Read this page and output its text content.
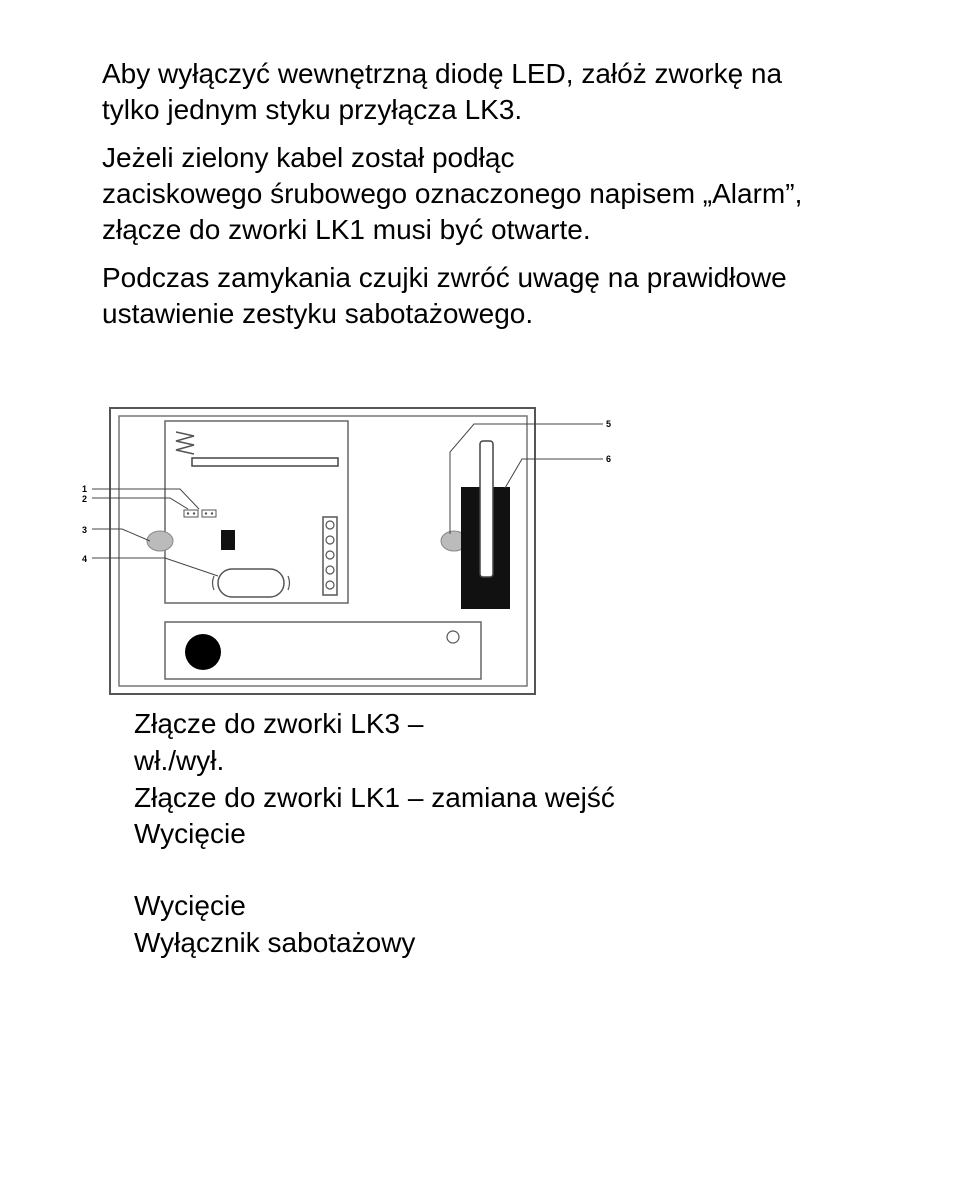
Aby wyłączyć wewnętrzną diodę LED, załóż zworkę na
tylko jednym styku przyłącza LK3.

Jeżeli zielony kabel został podłąc
zaciskowego śrubowego oznaczonego napisem „Alarm”,
złącze do zworki LK1 musi być otwarte.

Podczas zamykania czujki zwróć uwagę na prawidłowe
ustawienie zestyku sabotażowego.

1
2
3
4
5
6

Złącze do zworki LK3 –

wł./wył.

Złącze do zworki LK1 – zamiana wejść

Wycięcie

Wycięcie

Wyłącznik sabotażowy
